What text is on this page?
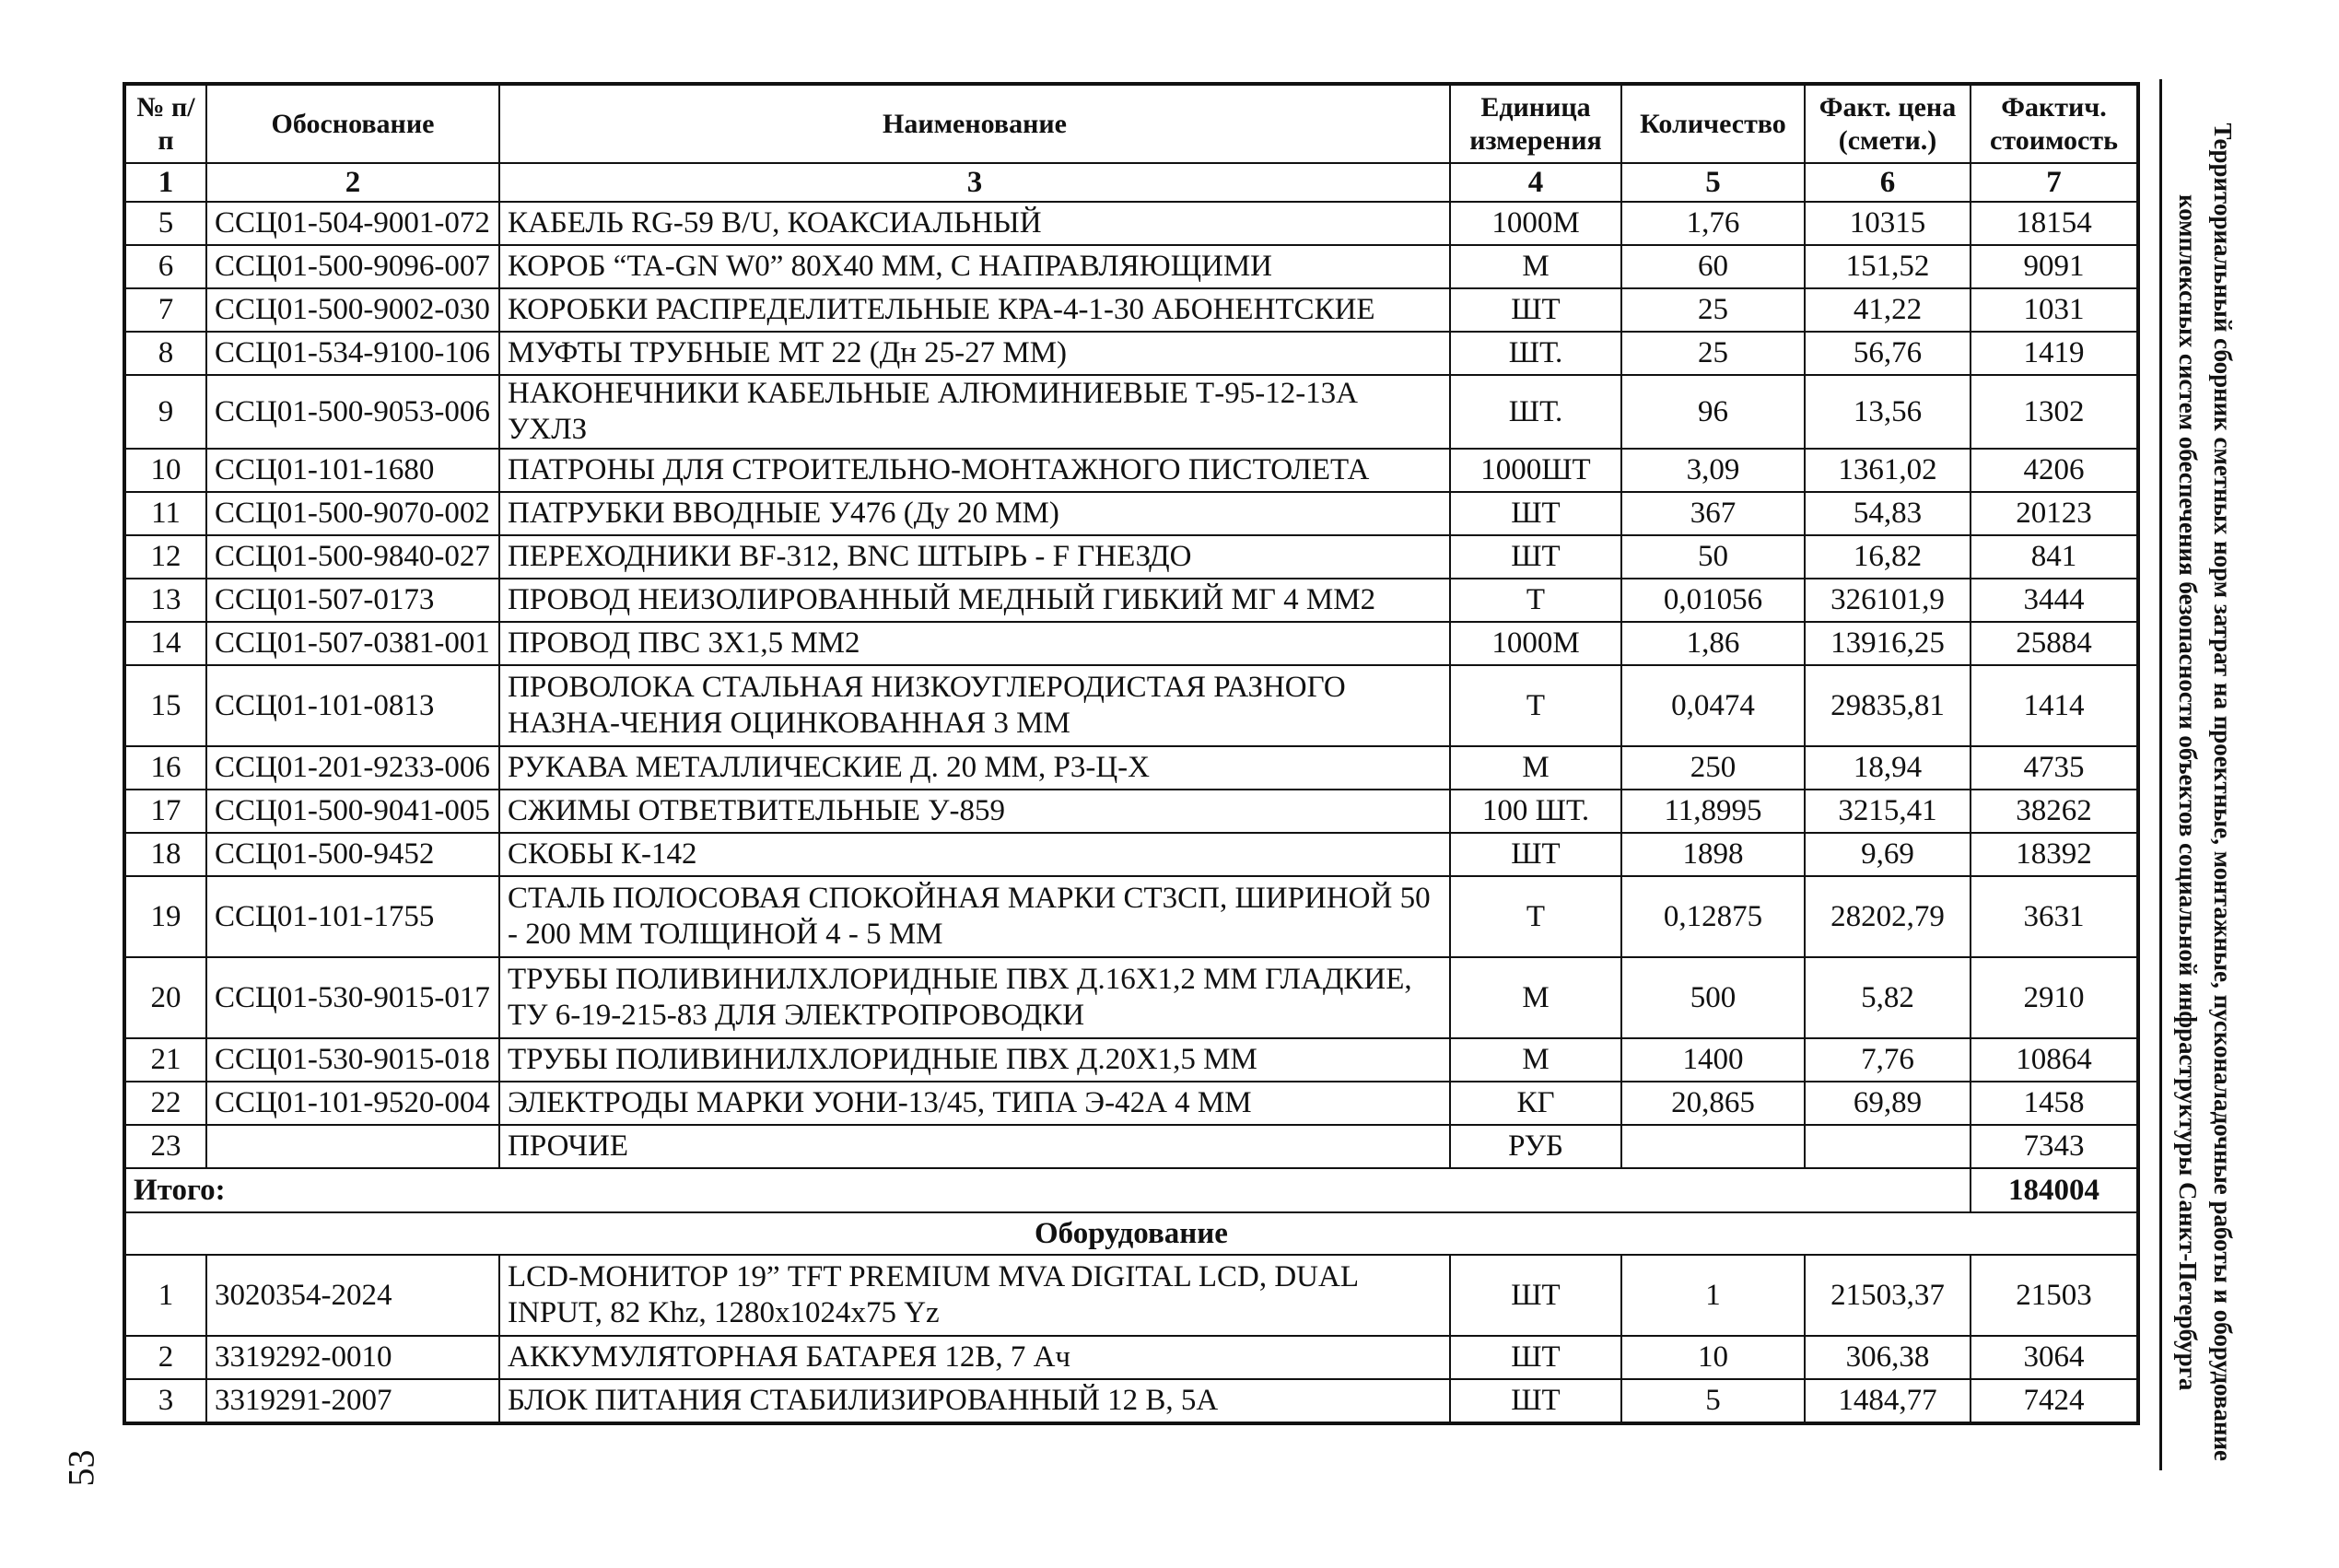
№ п/п	Обоснование	Наименование	Единица измерения	Количество	Факт. цена (смети.)	Фактич. стоимость
1	2	3	4	5	6	7
5	ССЦ01-504-9001-072	КАБЕЛЬ RG-59 B/U, КОАКСИАЛЬНЫЙ	1000М	1,76	10315	18154
6	ССЦ01-500-9096-007	КОРОБ “TA-GN W0” 80Х40 ММ, С НАПРАВЛЯЮЩИМИ	М	60	151,52	9091
7	ССЦ01-500-9002-030	КОРОБКИ РАСПРЕДЕЛИТЕЛЬНЫЕ КРА-4-1-30 АБОНЕНТСКИЕ	ШТ	25	41,22	1031
8	ССЦ01-534-9100-106	МУФТЫ ТРУБНЫЕ МТ 22 (Дн 25-27 ММ)	ШТ.	25	56,76	1419
9	ССЦ01-500-9053-006	НАКОНЕЧНИКИ КАБЕЛЬНЫЕ АЛЮМИНИЕВЫЕ Т-95-12-13А УХЛЗ	ШТ.	96	13,56	1302
10	ССЦ01-101-1680	ПАТРОНЫ ДЛЯ СТРОИТЕЛЬНО-МОНТАЖНОГО ПИСТОЛЕТА	1000ШТ	3,09	1361,02	4206
11	ССЦ01-500-9070-002	ПАТРУБКИ ВВОДНЫЕ У476 (Ду 20 ММ)	ШТ	367	54,83	20123
12	ССЦ01-500-9840-027	ПЕРЕХОДНИКИ BF-312, BNC ШТЫРЬ - F ГНЕЗДО	ШТ	50	16,82	841
13	ССЦ01-507-0173	ПРОВОД НЕИЗОЛИРОВАННЫЙ МЕДНЫЙ ГИБКИЙ МГ 4 ММ2	Т	0,01056	326101,9	3444
14	ССЦ01-507-0381-001	ПРОВОД ПВС 3Х1,5 ММ2	1000М	1,86	13916,25	25884
15	ССЦ01-101-0813	ПРОВОЛОКА СТАЛЬНАЯ НИЗКОУГЛЕРОДИСТАЯ РАЗНОГО НАЗНА-ЧЕНИЯ ОЦИНКОВАННАЯ 3 ММ	Т	0,0474	29835,81	1414
16	ССЦ01-201-9233-006	РУКАВА МЕТАЛЛИЧЕСКИЕ Д. 20 ММ, Р3-Ц-Х	М	250	18,94	4735
17	ССЦ01-500-9041-005	СЖИМЫ ОТВЕТВИТЕЛЬНЫЕ У-859	100 ШТ.	11,8995	3215,41	38262
18	ССЦ01-500-9452	СКОБЫ К-142	ШТ	1898	9,69	18392
19	ССЦ01-101-1755	СТАЛЬ ПОЛОСОВАЯ СПОКОЙНАЯ МАРКИ СТ3СП, ШИРИНОЙ 50 - 200 ММ ТОЛЩИНОЙ 4 - 5 ММ	Т	0,12875	28202,79	3631
20	ССЦ01-530-9015-017	ТРУБЫ ПОЛИВИНИЛХЛОРИДНЫЕ ПВХ Д.16Х1,2 ММ ГЛАДКИЕ, ТУ 6-19-215-83 ДЛЯ ЭЛЕКТРОПРОВОДКИ	М	500	5,82	2910
21	ССЦ01-530-9015-018	ТРУБЫ ПОЛИВИНИЛХЛОРИДНЫЕ ПВХ Д.20Х1,5 ММ	М	1400	7,76	10864
22	ССЦ01-101-9520-004	ЭЛЕКТРОДЫ МАРКИ УОНИ-13/45, ТИПА Э-42А 4 ММ	КГ	20,865	69,89	1458
23		ПРОЧИЕ	РУБ			7343
Итого:						184004
Оборудование						
1	3020354-2024	LCD-МОНИТОР 19” TFT PREMIUM MVA DIGITAL LCD, DUAL INPUT, 82 Khz, 1280х1024х75 Yz	ШТ	1	21503,37	21503
2	3319292-0010	АККУМУЛЯТОРНАЯ БАТАРЕЯ 12В, 7 Ач	ШТ	10	306,38	3064
3	3319291-2007	БЛОК ПИТАНИЯ СТАБИЛИЗИРОВАННЫЙ 12 В, 5А	ШТ	5	1484,77	7424	Территориальный сборник сметных норм затрат на проектные, монтажные, пусконаладочные работы и оборудование
комплексных систем обеспечения безопасности объектов социальной инфраструктуры Санкт-Петербурга
53
